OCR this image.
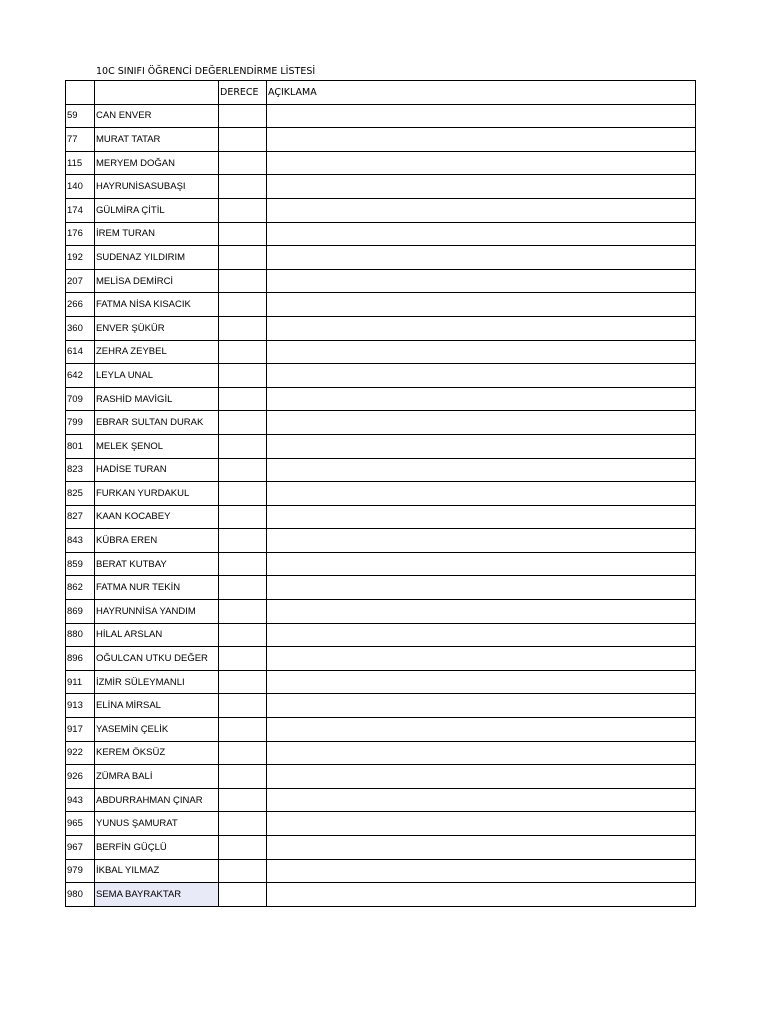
10C SINIFI ÖĞRENCİ DEĞERLENDİRME LİSTESİ
		DERECE	AÇIKLAMA
59	CAN ENVER		
77	MURAT TATAR		
115	MERYEM DOĞAN		
140	HAYRUNİSASUBAŞI		
174	GÜLMİRA ÇİTİL		
176	İREM TURAN		
192	SUDENAZ YILDIRIM		
207	MELİSA DEMİRCİ		
266	FATMA NİSA KISACIK		
360	ENVER ŞÜKÜR		
614	ZEHRA ZEYBEL		
642	LEYLA UNAL		
709	RASHİD MAVİGİL		
799	EBRAR SULTAN DURAK		
801	MELEK ŞENOL		
823	HADİSE TURAN		
825	FURKAN YURDAKUL		
827	KAAN KOCABEY		
843	KÜBRA EREN		
859	BERAT KUTBAY		
862	FATMA NUR TEKİN		
869	HAYRUNNİSA YANDIM		
880	HİLAL ARSLAN		
896	OĞULCAN UTKU DEĞER		
911	İZMİR SÜLEYMANLI		
913	ELİNA MİRSAL		
917	YASEMİN ÇELİK		
922	KEREM ÖKSÜZ		
926	ZÜMRA BALİ		
943	ABDURRAHMAN ÇINAR		
965	YUNUS ŞAMURAT		
967	BERFİN GÜÇLÜ		
979	İKBAL YILMAZ		
980	SEMA BAYRAKTAR		
